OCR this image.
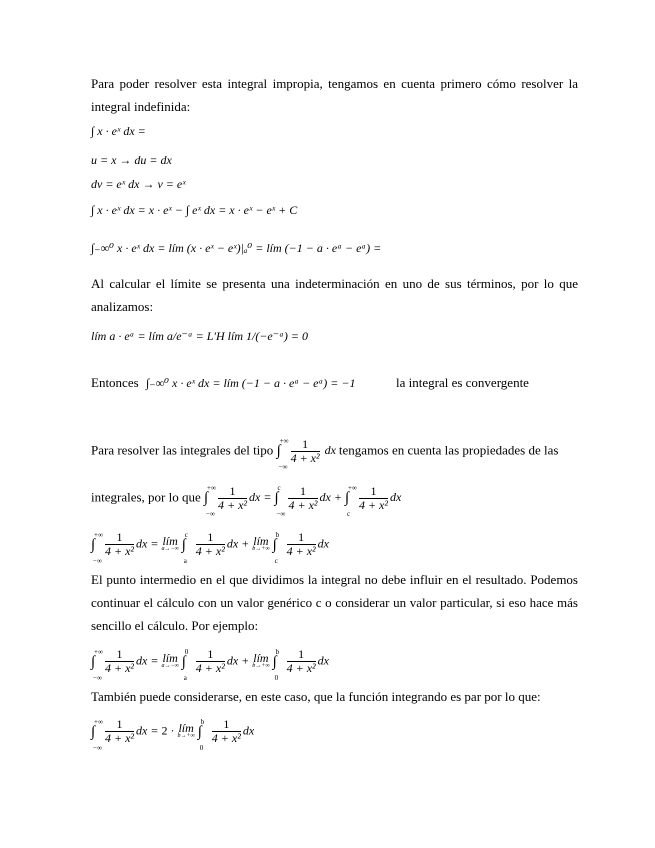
Para poder resolver esta integral impropia, tengamos en cuenta primero cómo resolver la integral indefinida:
∫ x · eˣ dx =
u = x → du = dx
dv = eˣ dx → v = eˣ
∫ x · eˣ dx = x · eˣ − ∫ eˣ dx = x · eˣ − eˣ + C
∫₋∞⁰ x · eˣ dx = lím (x · eˣ − eˣ)|ₐ⁰ = lím (−1 − a · eᵃ − eᵃ) =
Al calcular el límite se presenta una indeterminación en uno de sus términos, por lo que analizamos:
lím a · eᵃ = lím a/e⁻ᵃ = L'H lím 1/(−e⁻ᵃ) = 0
Entonces ∫₋∞⁰ x · eˣ dx = lím (−1 − a · eᵃ − eᵃ) = −1	la integral es convergente
Para resolver las integrales del tipo ∫
+∞
−∞

$\frac{1}{\text{4 + x²}}$ dx tengamos en cuenta las propiedades de las
integrales, por lo que ∫
+∞
−∞

$\frac{1}{\text{4 + x²}}$ dx = ∫
c
−∞

$\frac{1}{\text{4 + x²}}$ dx + ∫
+∞
c

$\frac{1}{\text{4 + x²}}$ dx
∫
+∞
−∞

$\frac{1}{\text{4 + x²}}$ dx = lím
a→−∞ ∫
c
a

$\frac{1}{\text{4 + x²}}$ dx + lím
b→+∞ ∫
b
c

$\frac{1}{\text{4 + x²}}$ dx
El punto intermedio en el que dividimos la integral no debe influir en el resultado. Podemos continuar el cálculo con un valor genérico c o considerar un valor particular, si eso hace más sencillo el cálculo. Por ejemplo:
∫
+∞
−∞

$\frac{1}{\text{4 + x²}}$ dx = lím
a→−∞ ∫
0
a

$\frac{1}{\text{4 + x²}}$ dx + lím
b→+∞ ∫
b
0

$\frac{1}{\text{4 + x²}}$ dx
También puede considerarse, en este caso, que la función integrando es par por lo que:
∫
+∞
−∞

$\frac{1}{\text{4 + x²}}$ dx = 2 · lím
b→+∞ ∫
b
0

$\frac{1}{\text{4 + x²}}$ dx
